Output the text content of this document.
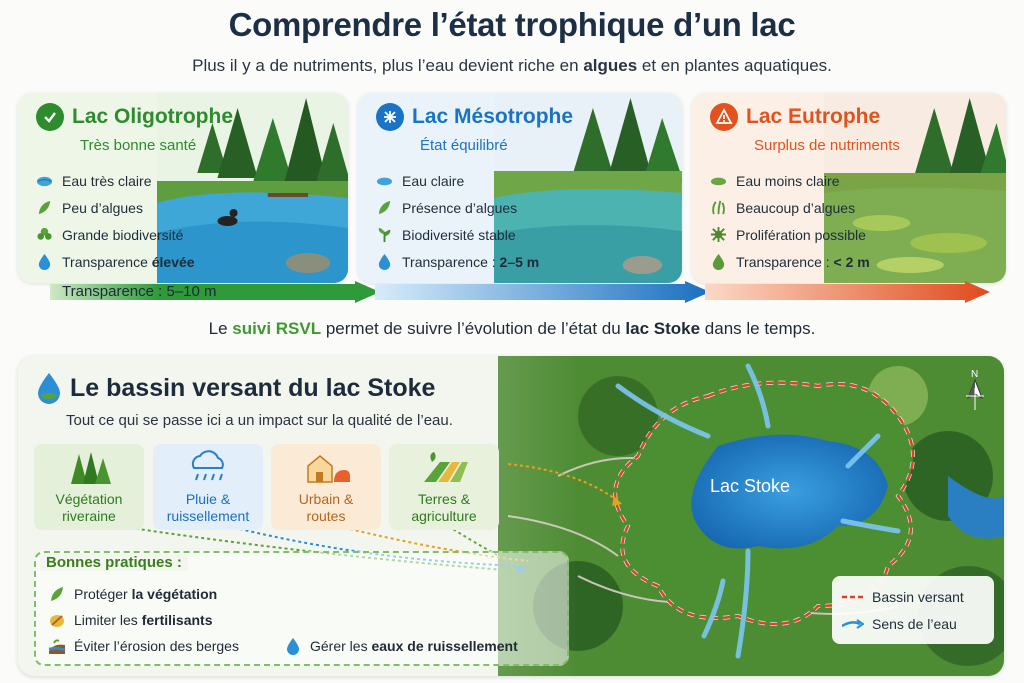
Comprendre l’état trophique d’un lac
Plus il y a de nutriments, plus l’eau devient riche en algues et en plantes aquatiques.
Lac Oligotrophe
Très bonne santé
Eau très claire
Peu d’algues
Grande biodiversité
Transparence élevée
Lac Mésotrophe
État équilibré
Eau claire
Présence d’algues
Biodiversité stable
Transparence : 2–5 m
Lac Eutrophe
Surplus de nutriments
Eau moins claire
Beaucoup d’algues
Prolifération possible
Transparence : < 2 m
Transparence : 5–10 m
Le suivi RSVL permet de suivre l’évolution de l’état du lac Stoke dans le temps.
Le bassin versant du lac Stoke
Tout ce qui se passe ici a un impact sur la qualité de l’eau.
Végétation
riveraine
Pluie &
ruissellement
Urbain &
routes
Terres &
agriculture
Bonnes pratiques :
Protéger la végétation
Limiter les fertilisants
Éviter l’érosion des berges	Gérer les eaux de ruissellement
Lac Stoke
N
Bassin versant
Sens de l’eau
